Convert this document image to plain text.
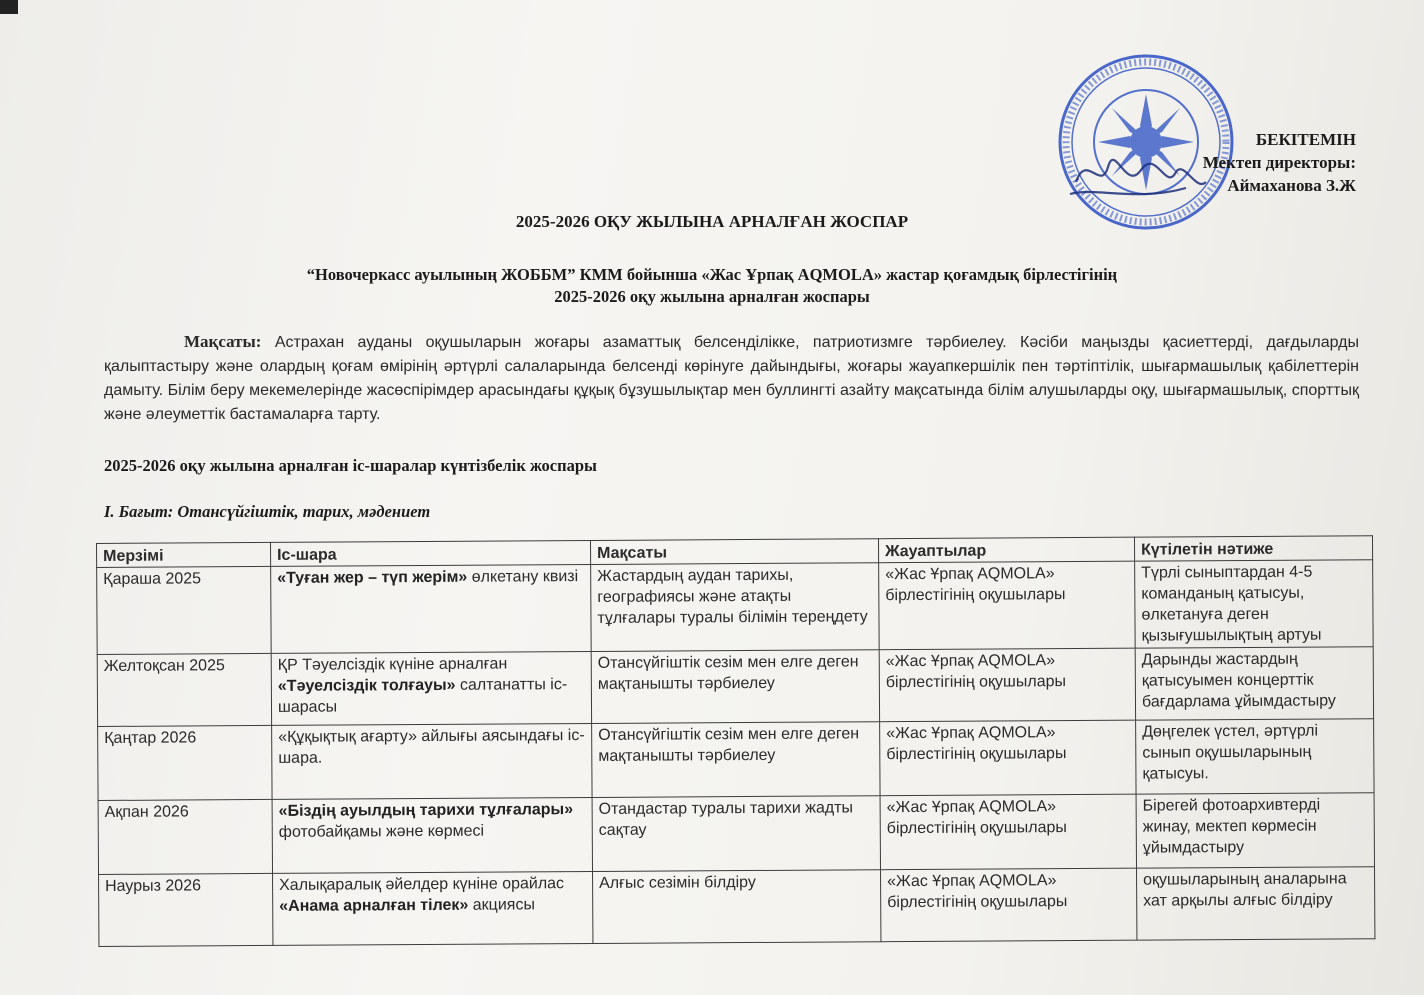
БЕКІТЕМІН
Мектеп директоры:
Аймаханова З.Ж
2025-2026 ОҚУ ЖЫЛЫНА АРНАЛҒАН ЖОСПАР
“Новочеркасс ауылының ЖОББМ” КММ бойынша «Жас Ұрпақ AQMOLA» жастар қоғамдық бірлестігінің
2025-2026 оқу жылына арналған жоспары
Мақсаты: Астрахан ауданы оқушыларын жоғары азаматтық белсенділікке, патриотизмге тәрбиелеу. Кәсіби маңызды қасиеттерді, дағдыларды қалыптастыру және олардың қоғам өмірінің әртүрлі салаларында белсенді көрінуге дайындығы, жоғары жауапкершілік пен тәртіптілік, шығармашылық қабілеттерін дамыту. Білім беру мекемелерінде жасөспірімдер арасындағы құқық бұзушылықтар мен буллингті азайту мақсатында білім алушыларды оқу, шығармашылық, спорттық және әлеуметтік бастамаларға тарту.
2025-2026 оқу жылына арналған іс-шаралар күнтізбелік жоспары
I. Бағыт: Отансүйгіштік, тарих, мәдениет
Мерзімі	Іс-шара	Мақсаты	Жауаптылар	Күтілетін нәтиже
Қараша 2025	«Туған жер – түп жерім» өлкетану квизі	Жастардың аудан тарихы, географиясы және атақты тұлғалары туралы білімін тереңдету	«Жас Ұрпақ AQMOLA» бірлестігінің оқушылары	Түрлі сыныптардан 4-5 команданың қатысуы, өлкетануға деген қызығушылықтың артуы
Желтоқсан 2025	ҚР Тәуелсіздік күніне арналған «Тәуелсіздік толғауы» салтанатты іс-шарасы	Отансүйгіштік сезім мен елге деген мақтанышты тәрбиелеу	«Жас Ұрпақ AQMOLA» бірлестігінің оқушылары	Дарынды жастардың қатысуымен концерттік бағдарлама ұйымдастыру
Қаңтар 2026	«Құқықтық ағарту» айлығы аясындағы іс-шара.	Отансүйгіштік сезім мен елге деген мақтанышты тәрбиелеу	«Жас Ұрпақ AQMOLA» бірлестігінің оқушылары	Дөңгелек үстел, әртүрлі сынып оқушыларының қатысуы.
Ақпан 2026	«Біздің ауылдың тарихи тұлғалары» фотобайқамы және көрмесі	Отандастар туралы тарихи жадты сақтау	«Жас Ұрпақ AQMOLA» бірлестігінің оқушылары	Бірегей фотоархивтерді жинау, мектеп көрмесін ұйымдастыру
Наурыз 2026	Халықаралық әйелдер күніне орайлас «Анама арналған тілек» акциясы	Алғыс сезімін білдіру	«Жас Ұрпақ AQMOLA» бірлестігінің оқушылары	оқушыларының аналарына хат арқылы алғыс білдіру
